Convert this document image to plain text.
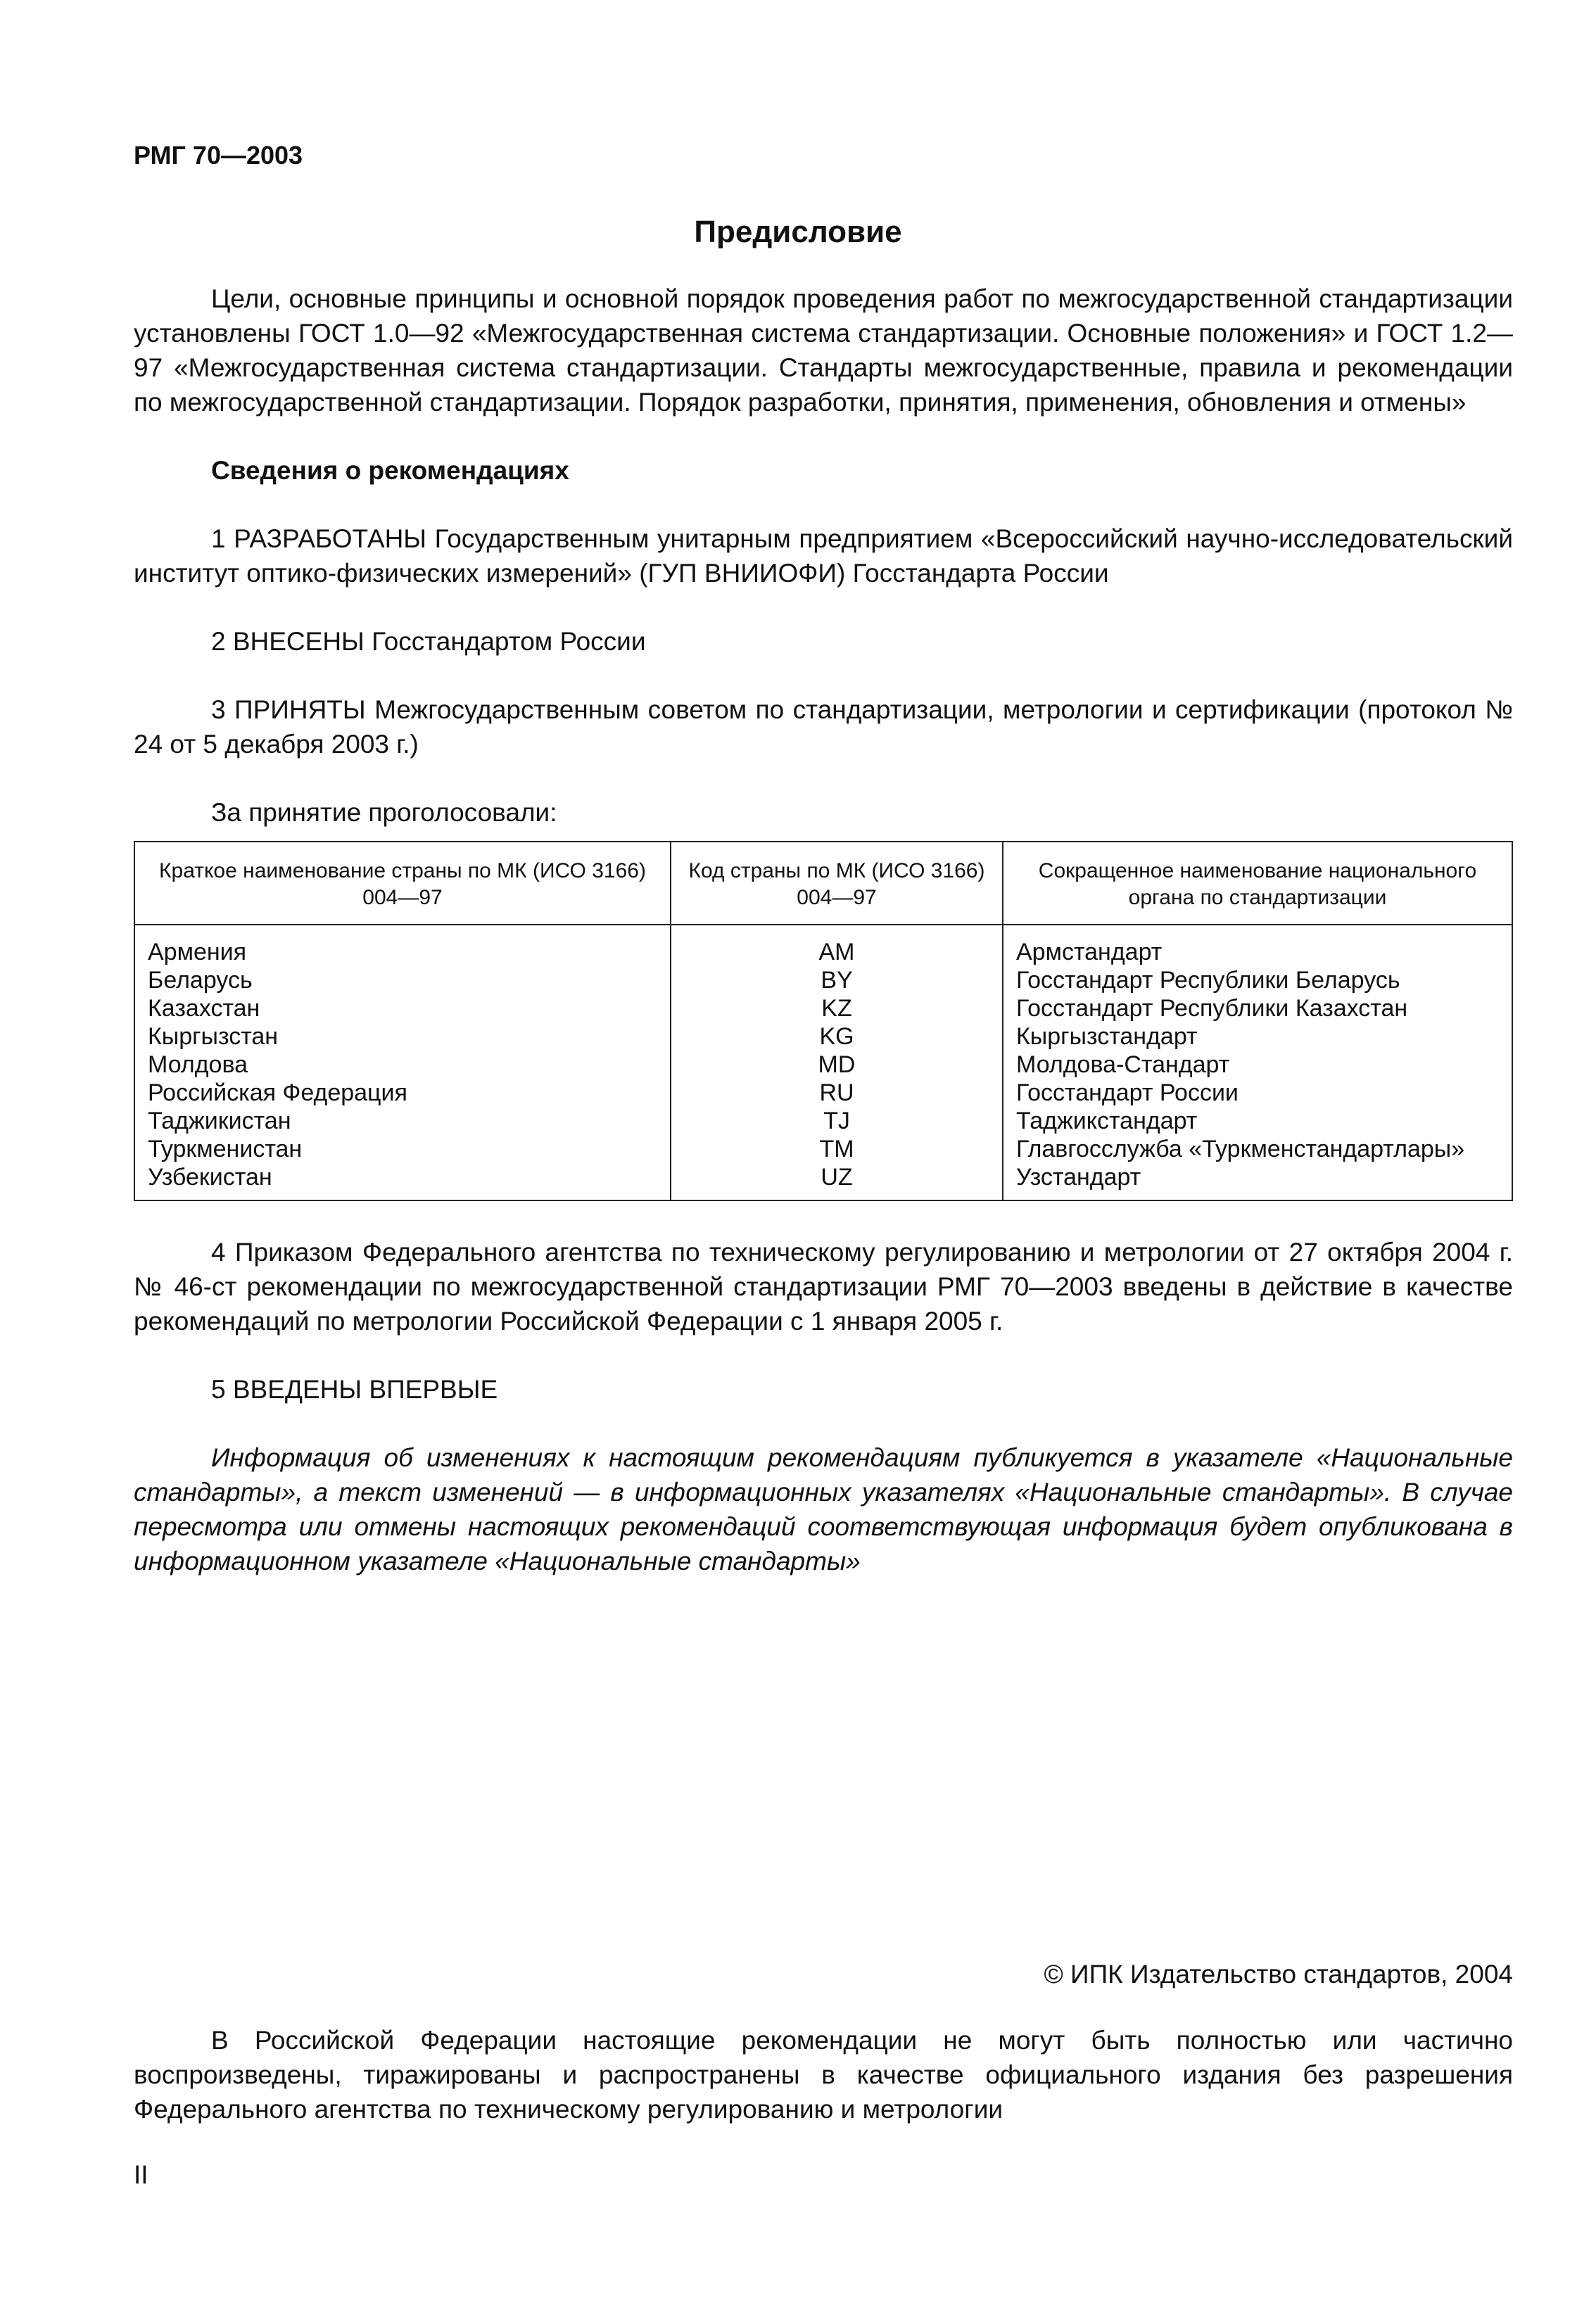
РМГ 70—2003
Предисловие

Цели, основные принципы и основной порядок проведения работ по межгосударственной стандартизации установлены ГОСТ 1.0—92 «Межгосударственная система стандартизации. Основные положения» и ГОСТ 1.2—97 «Межгосударственная система стандартизации. Стандарты межгосударственные, правила и рекомендации по межгосударственной стандартизации. Порядок разработки, принятия, применения, обновления и отмены»

Сведения о рекомендациях

1 РАЗРАБОТАНЫ Государственным унитарным предприятием «Всероссийский научно-исследовательский институт оптико-физических измерений» (ГУП ВНИИОФИ) Госстандарта России

2 ВНЕСЕНЫ Госстандартом России

3 ПРИНЯТЫ Межгосударственным советом по стандартизации, метрологии и сертификации (протокол № 24 от 5 декабря 2003 г.)

За принятие проголосовали:

Краткое наименование страны по МК (ИСО 3166) 004—97	Код страны по МК (ИСО 3166) 004—97	Сокращенное наименование национального органа по стандартизации
Армения	AM	Армстандарт
Беларусь	BY	Госстандарт Республики Беларусь
Казахстан	KZ	Госстандарт Республики Казахстан
Кыргызстан	KG	Кыргызстандарт
Молдова	MD	Молдова-Стандарт
Российская Федерация	RU	Госстандарт России
Таджикистан	TJ	Таджикстандарт
Туркменистан	TM	Главгосслужба «Туркменстандартлары»
Узбекистан	UZ	Узстандарт

4 Приказом Федерального агентства по техническому регулированию и метрологии от 27 октября 2004 г. № 46-ст рекомендации по межгосударственной стандартизации РМГ 70—2003 введены в действие в качестве рекомендаций по метрологии Российской Федерации с 1 января 2005 г.

5 ВВЕДЕНЫ ВПЕРВЫЕ

Информация об изменениях к настоящим рекомендациям публикуется в указателе «Национальные стандарты», а текст изменений — в информационных указателях «Национальные стандарты». В случае пересмотра или отмены настоящих рекомендаций соответствующая информация будет опубликована в информационном указателе «Национальные стандарты»

© ИПК Издательство стандартов, 2004

В Российской Федерации настоящие рекомендации не могут быть полностью или частично воспроизведены, тиражированы и распространены в качестве официального издания без разрешения Федерального агентства по техническому регулированию и метрологии

II
